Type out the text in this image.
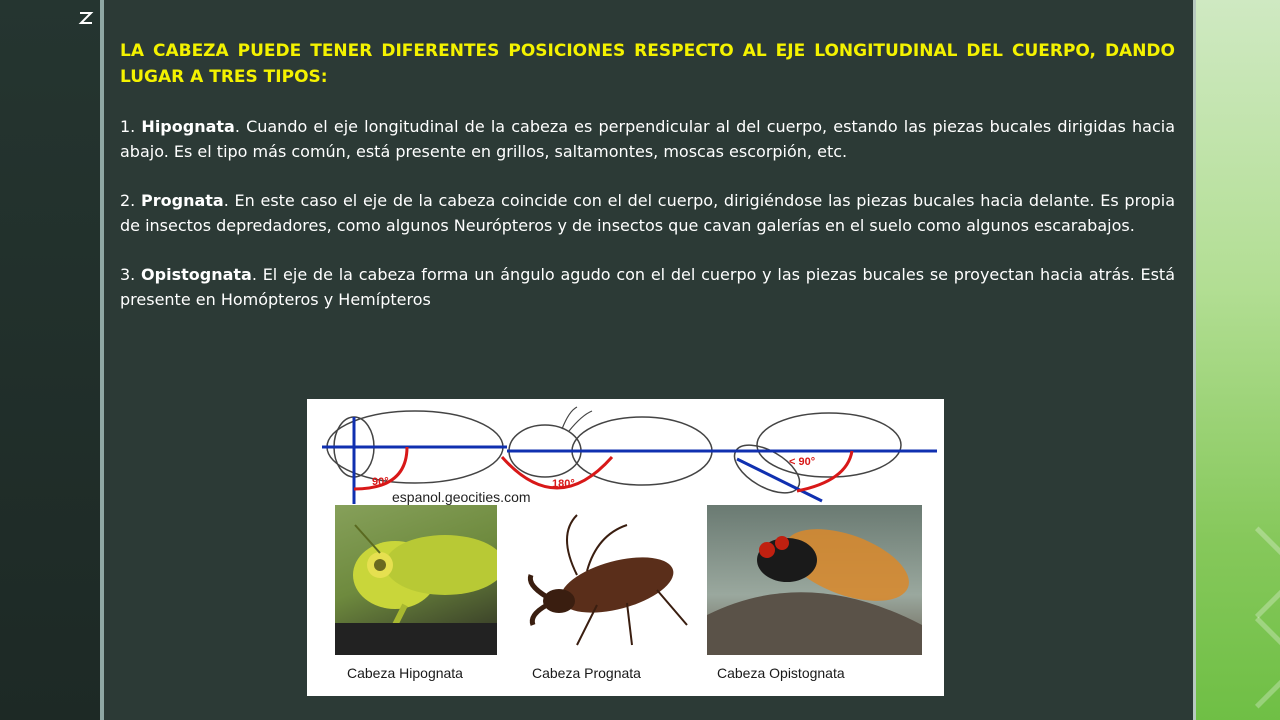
LA CABEZA PUEDE TENER DIFERENTES POSICIONES RESPECTO AL EJE LONGITUDINAL DEL CUERPO, DANDO LUGAR A TRES TIPOS:

1. Hipognata. Cuando el eje longitudinal de la cabeza es perpendicular al del cuerpo, estando las piezas bucales dirigidas hacia abajo. Es el tipo más común, está presente en grillos, saltamontes, moscas escorpión, etc.

2. Prognata. En este caso el eje de la cabeza coincide con el del cuerpo, dirigiéndose las piezas bucales hacia delante. Es propia de insectos depredadores, como algunos Neurópteros y de insectos que cavan galerías en el suelo como algunos escarabajos.

3. Opistognata. El eje de la cabeza forma un ángulo agudo con el del cuerpo y las piezas bucales se proyectan hacia atrás. Está presente en Homópteros y Hemípteros

90°	180°
< 90°
espanol.geocities.com
Cabeza Hipognata	Cabeza Prognata	Cabeza Opistognata
